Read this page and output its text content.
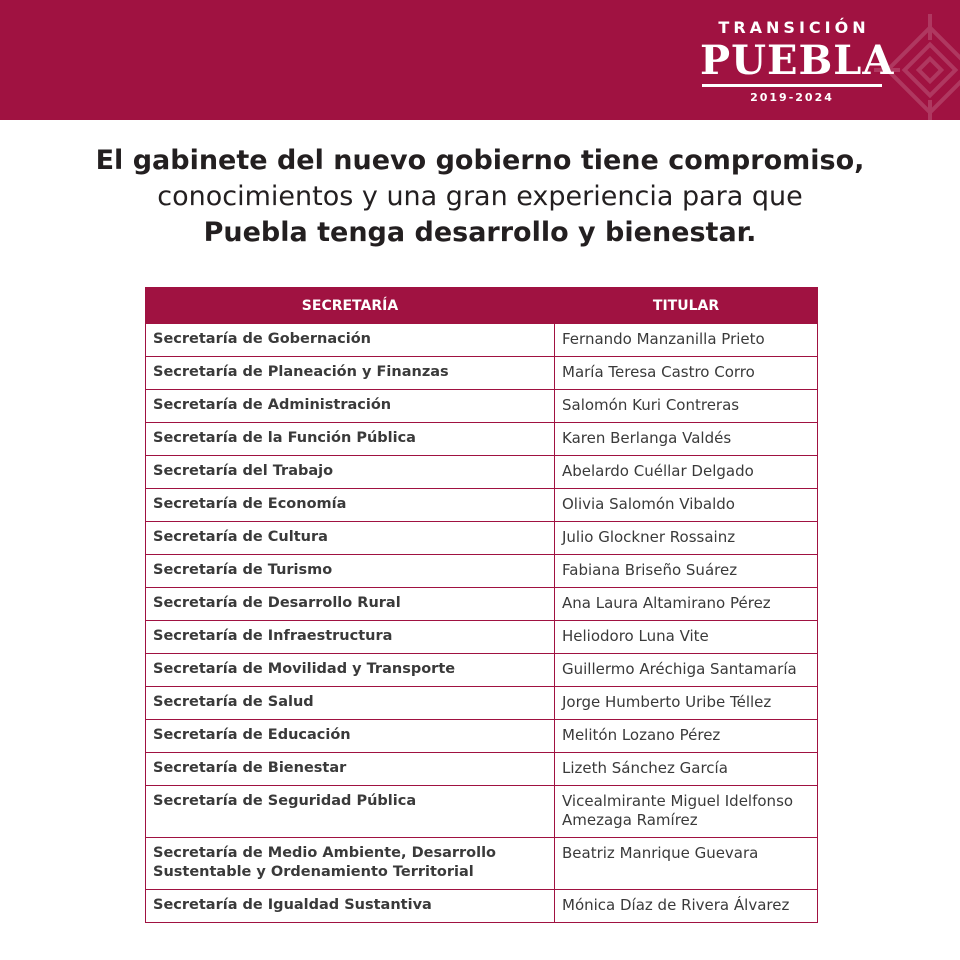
TRANSICIÓN
PUEBLA
2019-2024
El gabinete del nuevo gobierno tiene compromiso,
conocimientos y una gran experiencia para que
Puebla tenga desarrollo y bienestar.
SECRETARÍA	TITULAR
Secretaría de Gobernación	Fernando Manzanilla Prieto
Secretaría de Planeación y Finanzas	María Teresa Castro Corro
Secretaría de Administración	Salomón Kuri Contreras
Secretaría de la Función Pública	Karen Berlanga Valdés
Secretaría del Trabajo	Abelardo Cuéllar Delgado
Secretaría de Economía	Olivia Salomón Vibaldo
Secretaría de Cultura	Julio Glockner Rossainz
Secretaría de Turismo	Fabiana Briseño Suárez
Secretaría de Desarrollo Rural	Ana Laura Altamirano Pérez
Secretaría de Infraestructura	Heliodoro Luna Vite
Secretaría de Movilidad y Transporte	Guillermo Aréchiga Santamaría
Secretaría de Salud	Jorge Humberto Uribe Téllez
Secretaría de Educación	Melitón Lozano Pérez
Secretaría de Bienestar	Lizeth Sánchez García
Secretaría de Seguridad Pública	Vicealmirante Miguel Idelfonso Amezaga Ramírez
Secretaría de Medio Ambiente, Desarrollo Sustentable y Ordenamiento Territorial	Beatriz Manrique Guevara
Secretaría de Igualdad Sustantiva	Mónica Díaz de Rivera Álvarez
